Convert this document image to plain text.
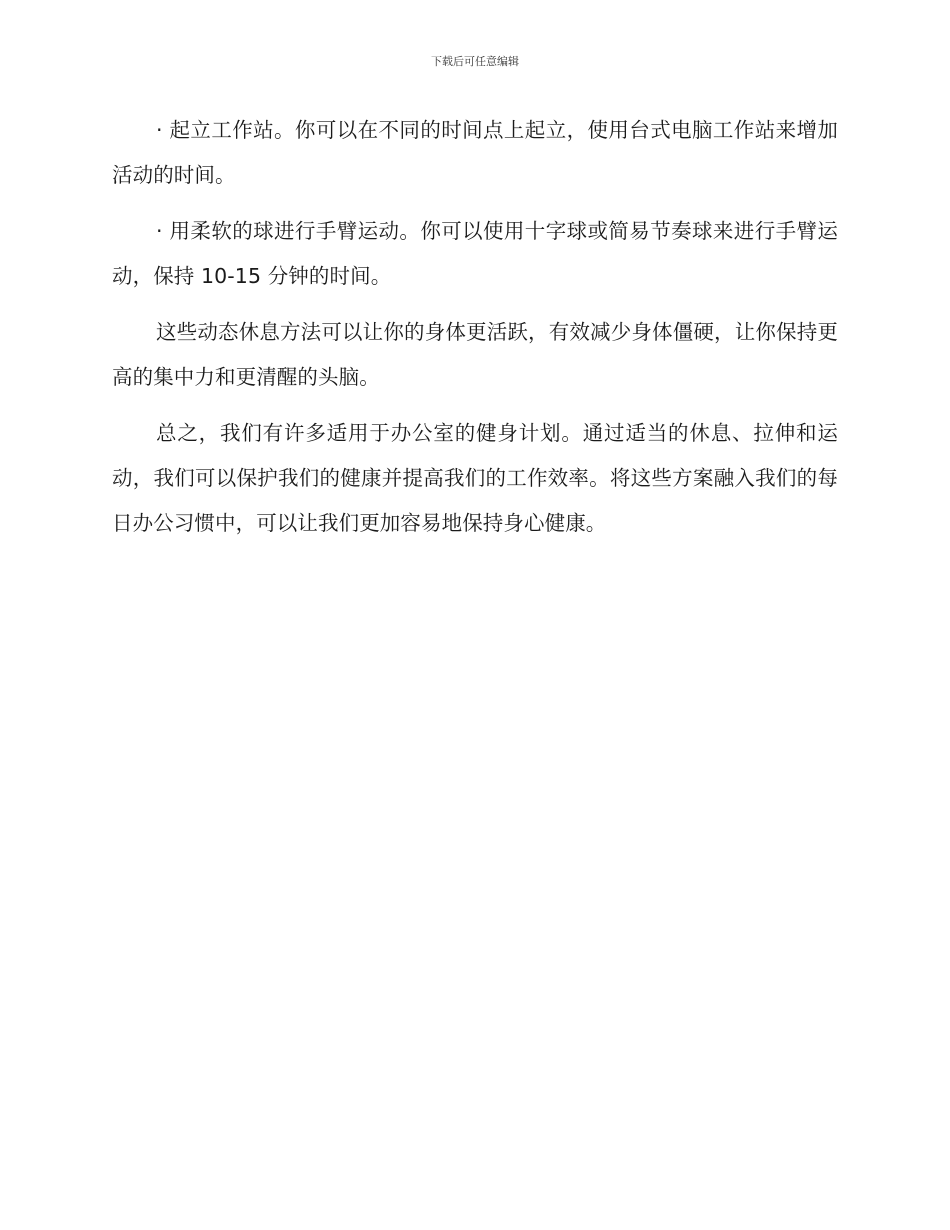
下载后可任意编辑

· 起立工作站。你可以在不同的时间点上起立，使用台式电脑工作站来增加活动的时间。

· 用柔软的球进行手臂运动。你可以使用十字球或简易节奏球来进行手臂运动，保持 10-15 分钟的时间。

这些动态休息方法可以让你的身体更活跃，有效减少身体僵硬，让你保持更高的集中力和更清醒的头脑。

总之，我们有许多适用于办公室的健身计划。通过适当的休息、拉伸和运动，我们可以保护我们的健康并提高我们的工作效率。将这些方案融入我们的每日办公习惯中，可以让我们更加容易地保持身心健康。
